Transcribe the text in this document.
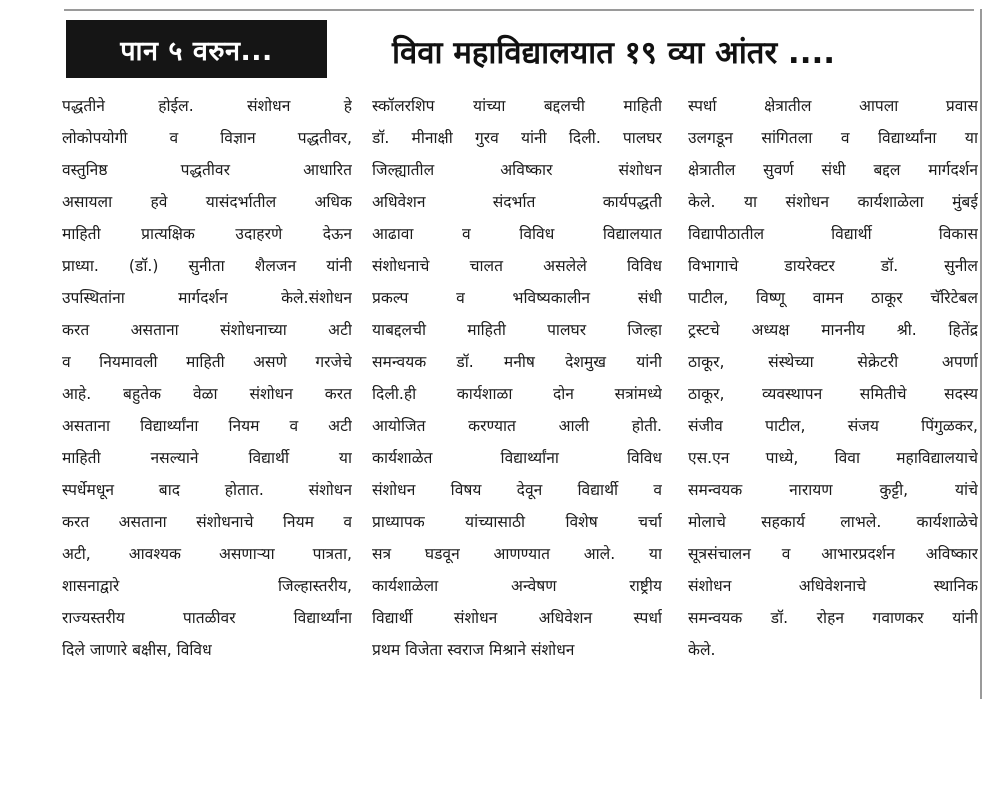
पान ५ वरुन...	विवा महाविद्यालयात १९ व्या आंतर ....
पद्धतीने होईल. संशोधन हे
लोकोपयोगी व विज्ञान पद्धतीवर,
वस्तुनिष्ठ पद्धतीवर आधारित
असायला हवे यासंदर्भातील अधिक
माहिती प्रात्यक्षिक उदाहरणे देऊन
प्राध्या. (डॉ.) सुनीता शैलजन यांनी
उपस्थितांना मार्गदर्शन केले.संशोधन
करत असताना संशोधनाच्या अटी
व नियमावली माहिती असणे गरजेचे
आहे. बहुतेक वेळा संशोधन करत
असताना विद्यार्थ्यांना नियम व अटी
माहिती नसल्याने विद्यार्थी या
स्पर्धेमधून बाद होतात. संशोधन
करत असताना संशोधनाचे नियम व
अटी, आवश्यक असणाऱ्या पात्रता,
शासनाद्वारे जिल्हास्तरीय,
राज्यस्तरीय पातळीवर विद्यार्थ्यांना
दिले जाणारे बक्षीस, विविध
स्कॉलरशिप यांच्या बद्दलची माहिती
डॉ. मीनाक्षी गुरव यांनी दिली. पालघर
जिल्ह्यातील अविष्कार संशोधन
अधिवेशन संदर्भात कार्यपद्धती
आढावा व विविध विद्यालयात
संशोधनाचे चालत असलेले विविध
प्रकल्प व भविष्यकालीन संधी
याबद्दलची माहिती पालघर जिल्हा
समन्वयक डॉ. मनीष देशमुख यांनी
दिली.ही कार्यशाळा दोन सत्रांमध्ये
आयोजित करण्यात आली होती.
कार्यशाळेत विद्यार्थ्यांना विविध
संशोधन विषय देवून विद्यार्थी व
प्राध्यापक यांच्यासाठी विशेष चर्चा
सत्र घडवून आणण्यात आले. या
कार्यशाळेला अन्वेषण राष्ट्रीय
विद्यार्थी संशोधन अधिवेशन स्पर्धा
प्रथम विजेता स्वराज मिश्राने संशोधन
स्पर्धा क्षेत्रातील आपला प्रवास
उलगडून सांगितला व विद्यार्थ्यांना या
क्षेत्रातील सुवर्ण संधी बद्दल मार्गदर्शन
केले. या संशोधन कार्यशाळेला मुंबई
विद्यापीठातील विद्यार्थी विकास
विभागाचे डायरेक्टर डॉ. सुनील
पाटील, विष्णू वामन ठाकूर चॅरिटेबल
ट्रस्टचे अध्यक्ष माननीय श्री. हितेंद्र
ठाकूर, संस्थेच्या सेक्रेटरी अपर्णा
ठाकूर, व्यवस्थापन समितीचे सदस्य
संजीव पाटील, संजय पिंगुळकर,
एस.एन पाध्ये, विवा महाविद्यालयाचे
समन्वयक नारायण कुट्टी, यांचे
मोलाचे सहकार्य लाभले. कार्यशाळेचे
सूत्रसंचालन व आभारप्रदर्शन अविष्कार
संशोधन अधिवेशनाचे स्थानिक
समन्वयक डॉ. रोहन गवाणकर यांनी
केले.
